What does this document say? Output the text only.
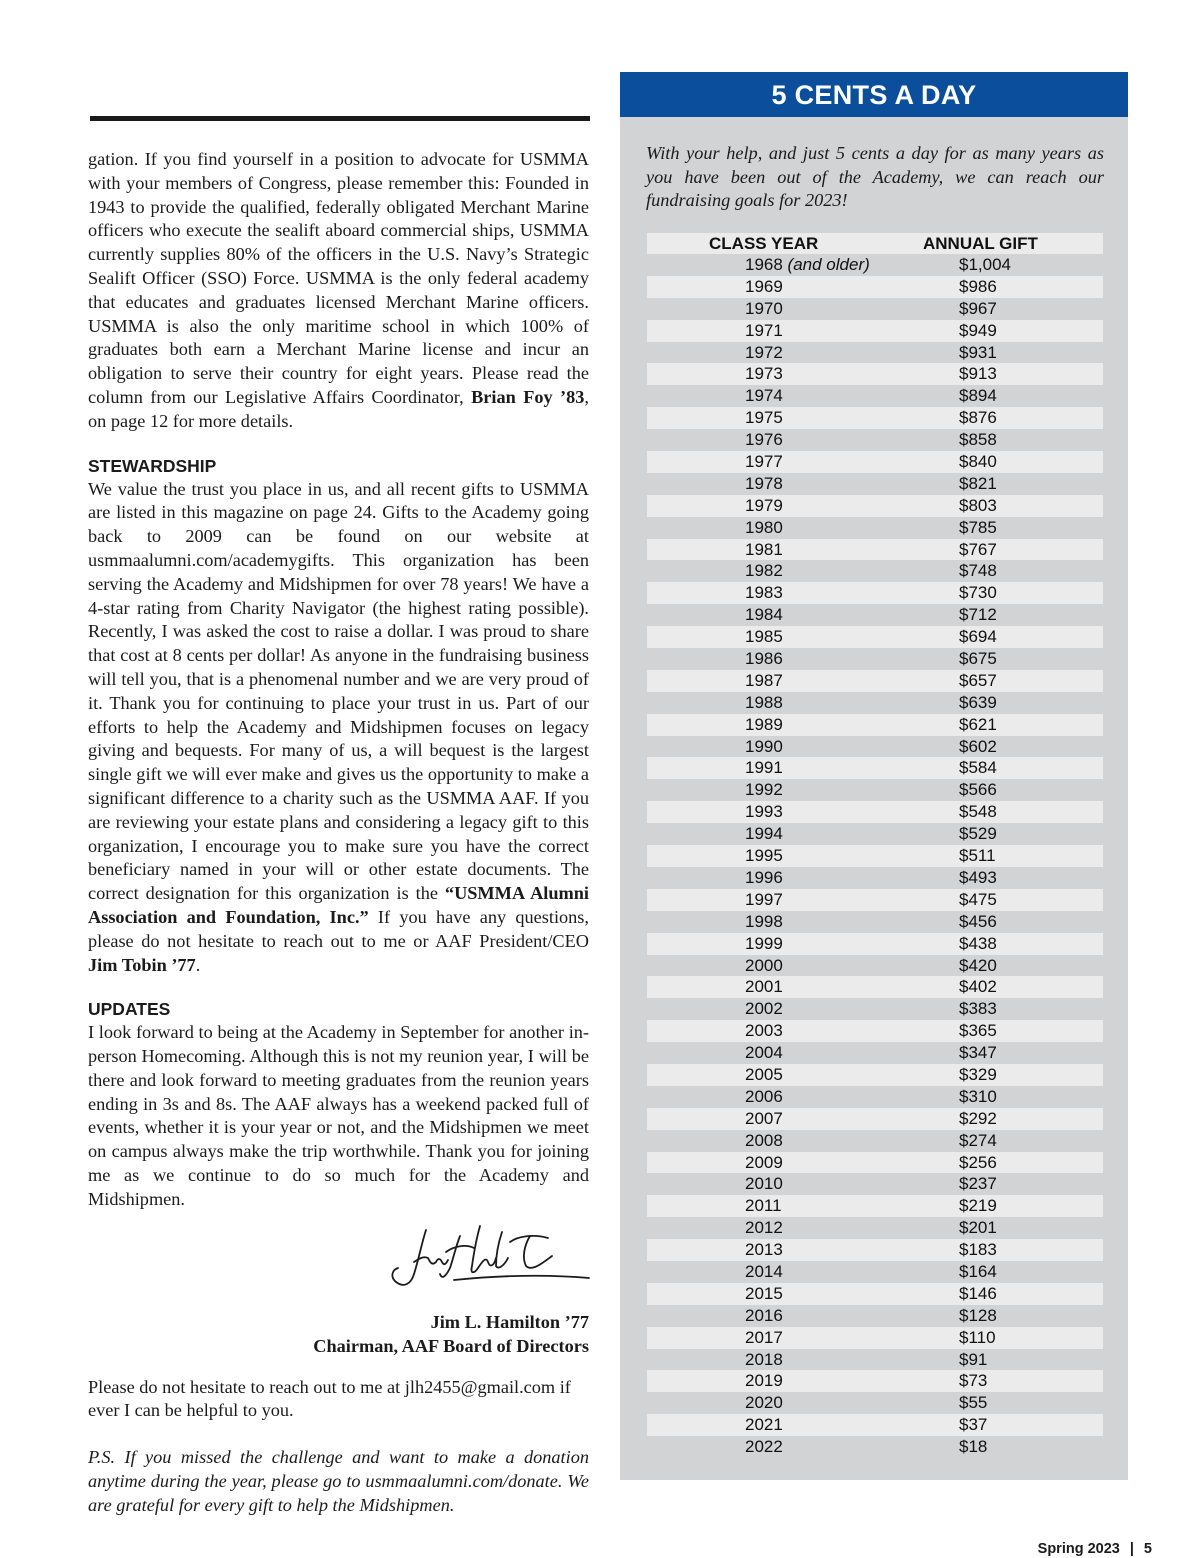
gation. If you find yourself in a position to advocate for USMMA with your members of Congress, please remember this: Founded in 1943 to provide the qualified, federally obligated Merchant Marine officers who execute the sealift aboard commercial ships, USMMA currently supplies 80% of the officers in the U.S. Navy’s Strategic Sealift Officer (SSO) Force. USMMA is the only federal academy that educates and graduates licensed Merchant Marine officers. USMMA is also the only maritime school in which 100% of graduates both earn a Merchant Marine license and incur an obligation to serve their country for eight years. Please read the column from our Legislative Affairs Coordinator, Brian Foy ’83, on page 12 for more details.

STEWARDSHIP

We value the trust you place in us, and all recent gifts to USMMA are listed in this magazine on page 24. Gifts to the Academy going back to 2009 can be found on our website at usmmaalumni.com/academygifts. This organization has been serving the Academy and Midshipmen for over 78 years! We have a 4-star rating from Charity Navigator (the highest rating possible). Recently, I was asked the cost to raise a dollar. I was proud to share that cost at 8 cents per dollar! As anyone in the fundraising business will tell you, that is a phenomenal number and we are very proud of it. Thank you for continuing to place your trust in us. Part of our efforts to help the Academy and Midshipmen focuses on legacy giving and bequests. For many of us, a will bequest is the largest single gift we will ever make and gives us the opportunity to make a significant difference to a charity such as the USMMA AAF. If you are reviewing your estate plans and considering a legacy gift to this organization, I encourage you to make sure you have the correct beneficiary named in your will or other estate documents. The correct designation for this organization is the “USMMA Alumni Association and Foundation, Inc.” If you have any questions, please do not hesitate to reach out to me or AAF President/CEO Jim Tobin ’77.

UPDATES

I look forward to being at the Academy in September for another in-person Homecoming. Although this is not my reunion year, I will be there and look forward to meeting graduates from the reunion years ending in 3s and 8s. The AAF always has a weekend packed full of events, whether it is your year or not, and the Midshipmen we meet on campus always make the trip worthwhile. Thank you for joining me as we continue to do so much for the Academy and Midshipmen.

Jim L. Hamilton ’77
Chairman, AAF Board of Directors

Please do not hesitate to reach out to me at jlh2455@gmail.com if ever I can be helpful to you.

P.S. If you missed the challenge and want to make a donation anytime during the year, please go to usmmaalumni.com/donate. We are grateful for every gift to help the Midshipmen.

5 CENTS A DAY

With your help, and just 5 cents a day for as many years as you have been out of the Academy, we can reach our fundraising goals for 2023!

CLASS YEAR	ANNUAL GIFT
1968 (and older)	$1,004
1969	$986
1970	$967
1971	$949
1972	$931
1973	$913
1974	$894
1975	$876
1976	$858
1977	$840
1978	$821
1979	$803
1980	$785
1981	$767
1982	$748
1983	$730
1984	$712
1985	$694
1986	$675
1987	$657
1988	$639
1989	$621
1990	$602
1991	$584
1992	$566
1993	$548
1994	$529
1995	$511
1996	$493
1997	$475
1998	$456
1999	$438
2000	$420
2001	$402
2002	$383
2003	$365
2004	$347
2005	$329
2006	$310
2007	$292
2008	$274
2009	$256
2010	$237
2011	$219
2012	$201
2013	$183
2014	$164
2015	$146
2016	$128
2017	$110
2018	$91
2019	$73
2020	$55
2021	$37
2022	$18
Spring 2023 | 5
